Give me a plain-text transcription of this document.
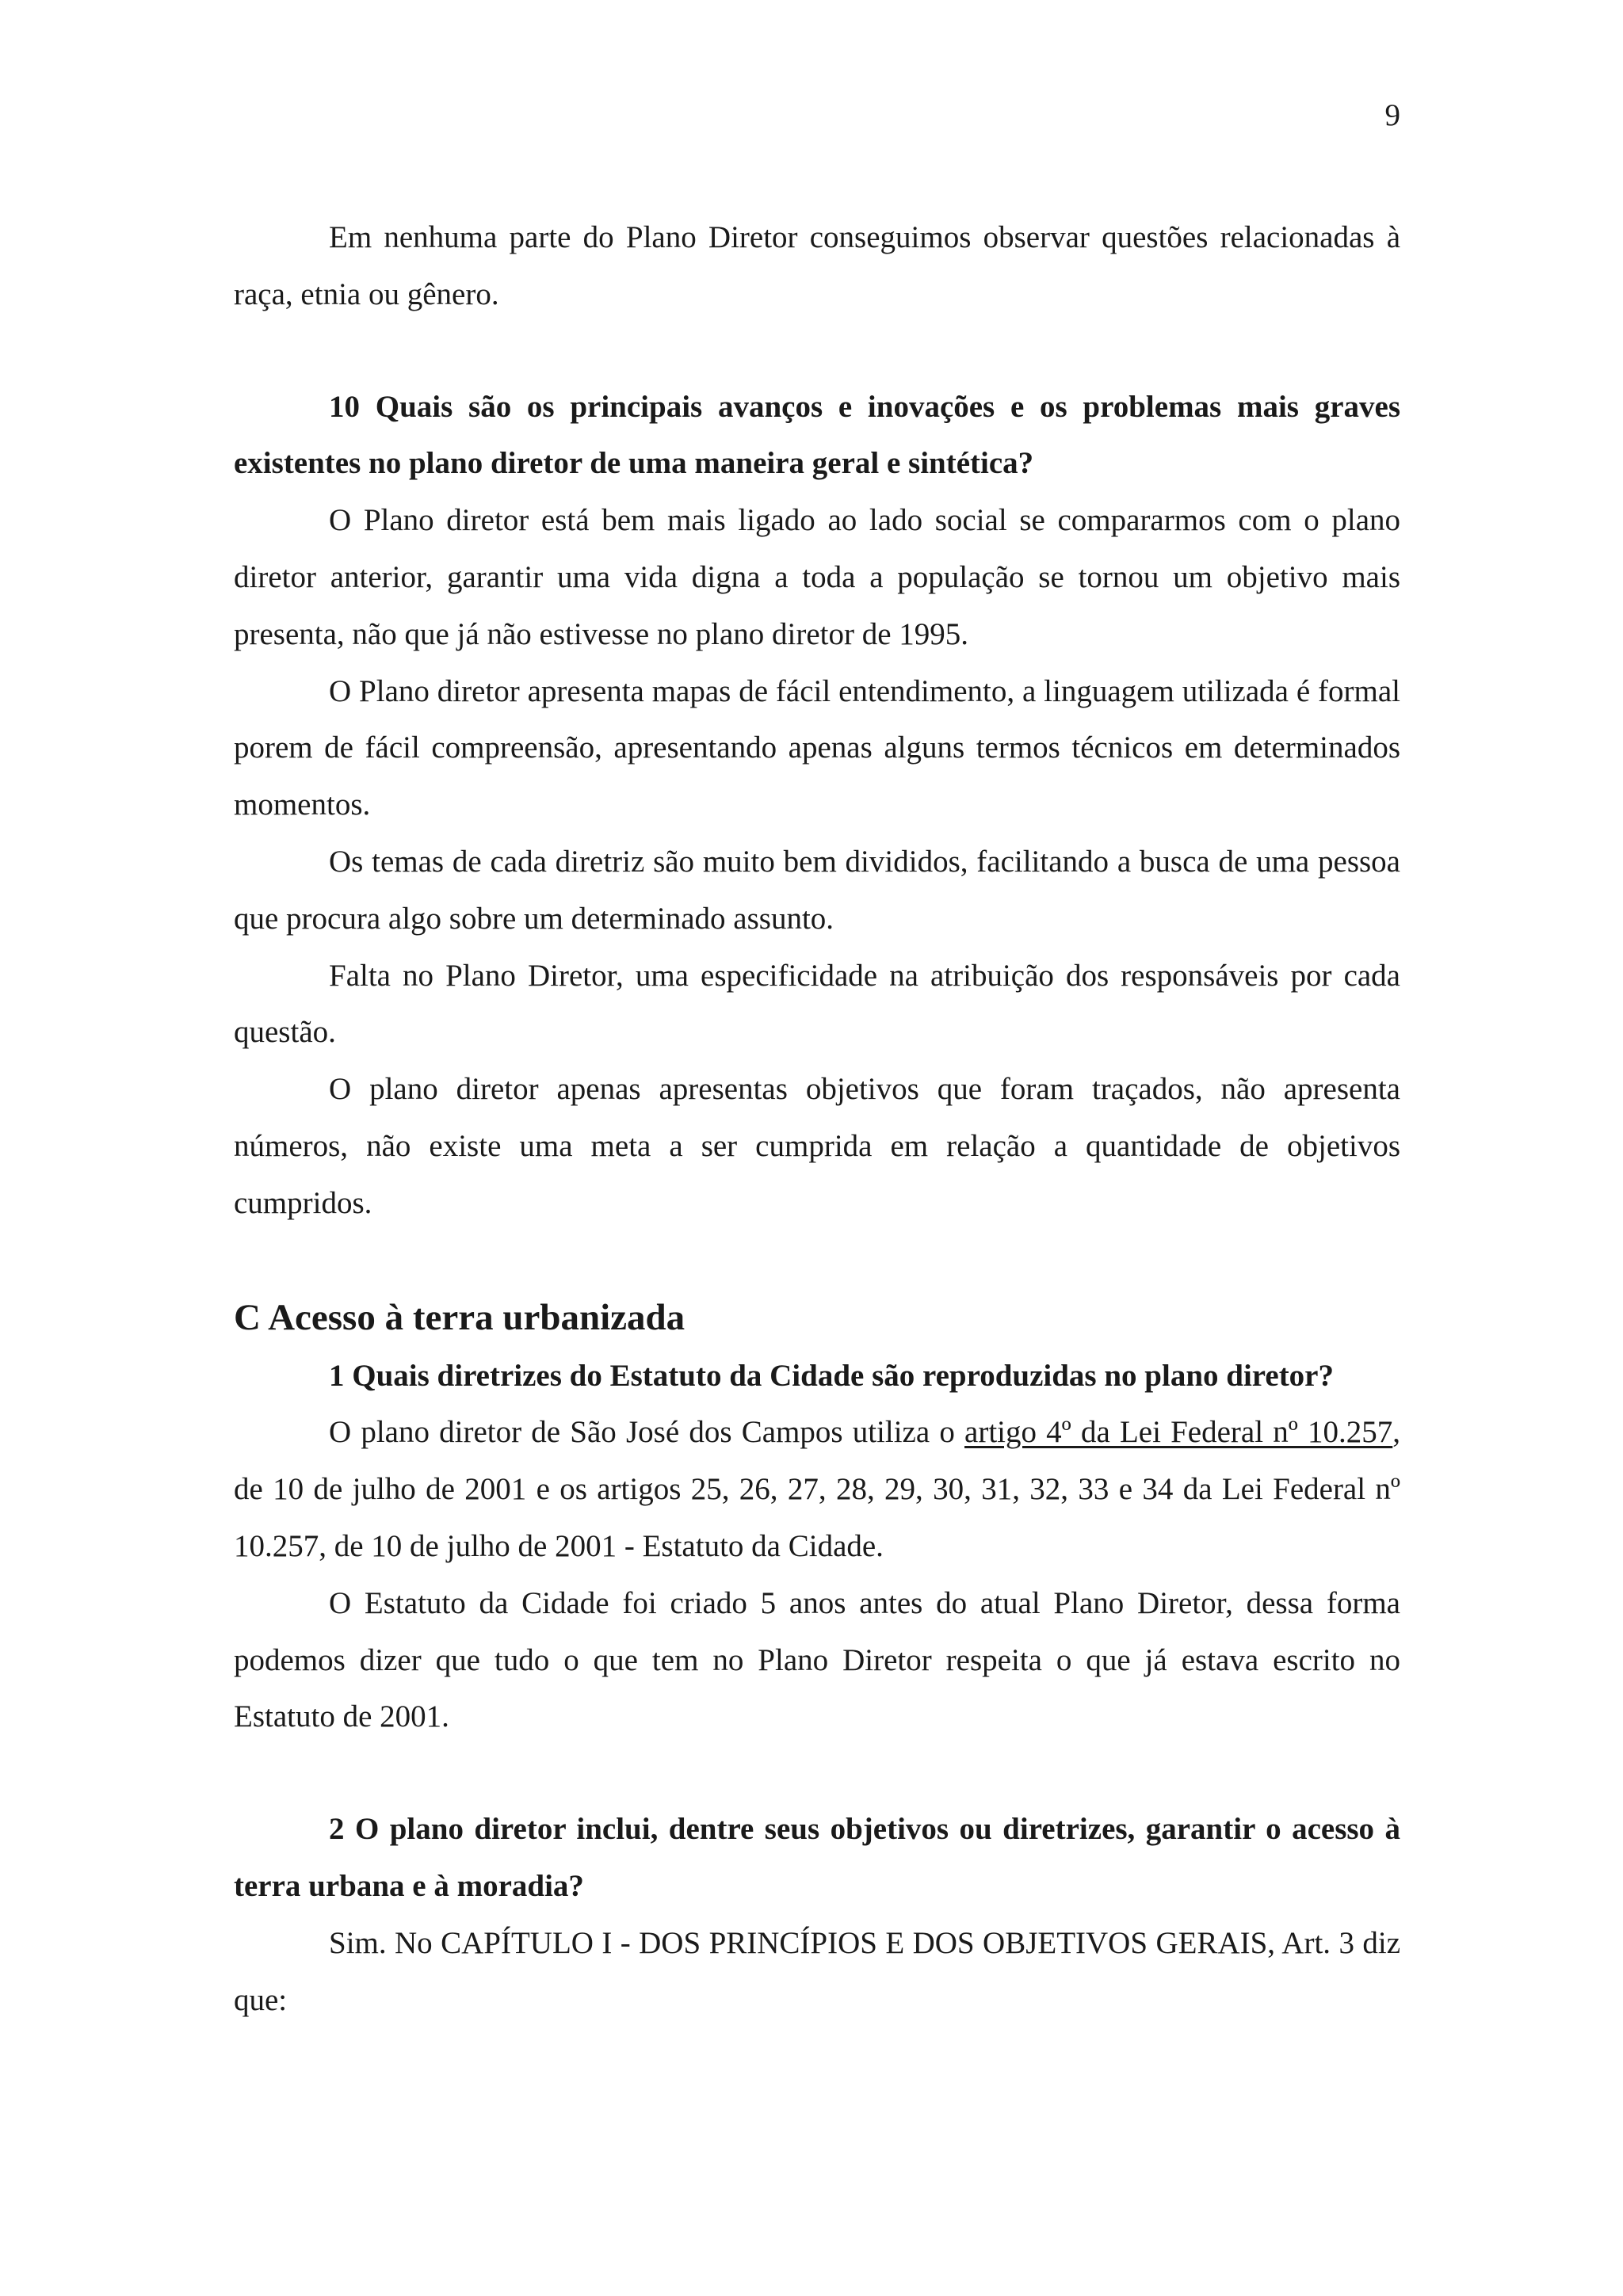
9

Em nenhuma parte do Plano Diretor conseguimos observar questões relacionadas à raça, etnia ou gênero.

10 Quais são os principais avanços e inovações e os problemas mais graves existentes no plano diretor de uma maneira geral e sintética?

O Plano diretor está bem mais ligado ao lado social se compararmos com o plano diretor anterior, garantir uma vida digna a toda a população se tornou um objetivo mais presenta, não que já não estivesse no plano diretor de 1995.

O Plano diretor apresenta mapas de fácil entendimento, a linguagem utilizada é formal porem de fácil compreensão, apresentando apenas alguns termos técnicos em determinados momentos.

Os temas de cada diretriz são muito bem divididos, facilitando a busca de uma pessoa que procura algo sobre um determinado assunto.

Falta no Plano Diretor, uma especificidade na atribuição dos responsáveis por cada questão.

O plano diretor apenas apresentas objetivos que foram traçados, não apresenta números, não existe uma meta a ser cumprida em relação a quantidade de objetivos cumpridos.

C Acesso à terra urbanizada

1 Quais diretrizes do Estatuto da Cidade são reproduzidas no plano diretor?

O plano diretor de São José dos Campos utiliza o artigo 4º da Lei Federal nº 10.257, de 10 de julho de 2001 e os artigos 25, 26, 27, 28, 29, 30, 31, 32, 33 e 34 da Lei Federal nº 10.257, de 10 de julho de 2001 - Estatuto da Cidade.

O Estatuto da Cidade foi criado 5 anos antes do atual Plano Diretor, dessa forma podemos dizer que tudo o que tem no Plano Diretor respeita o que já estava escrito no Estatuto de 2001.

2 O plano diretor inclui, dentre seus objetivos ou diretrizes, garantir o acesso à terra urbana e à moradia?

Sim. No CAPÍTULO I - DOS PRINCÍPIOS E DOS OBJETIVOS GERAIS, Art. 3 diz que:
